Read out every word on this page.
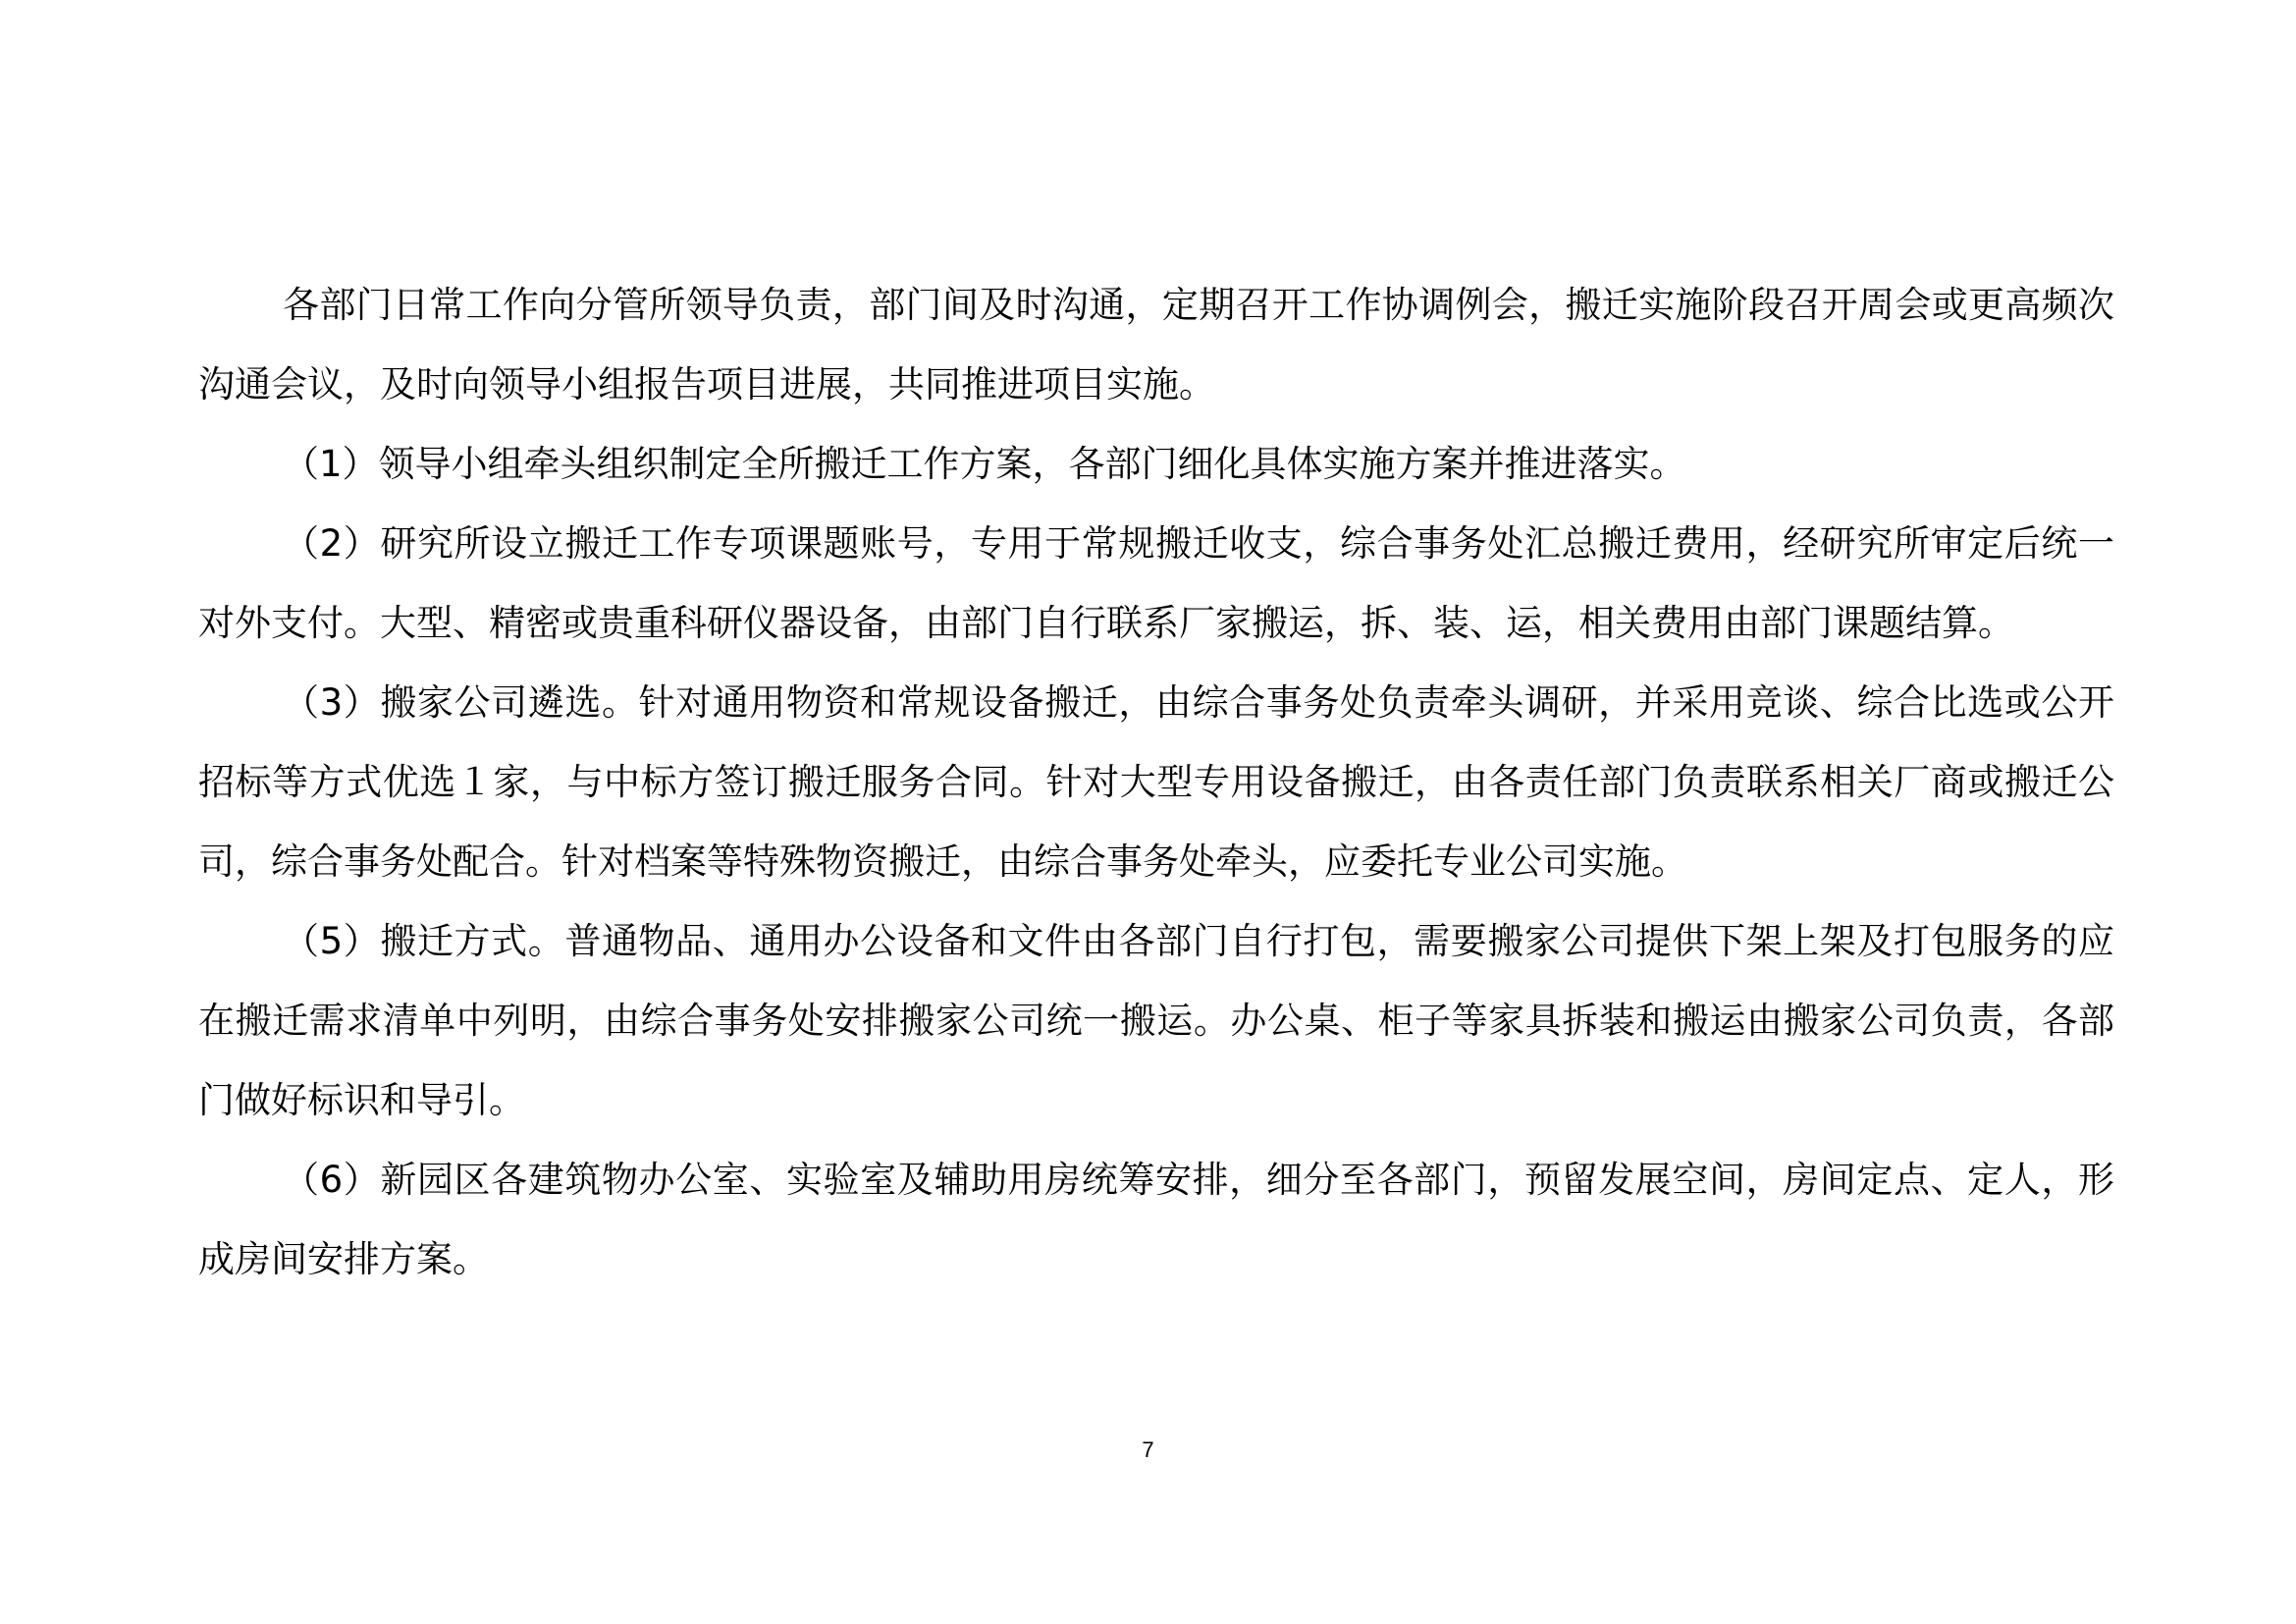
各部门日常工作向分管所领导负责，部门间及时沟通，定期召开工作协调例会，搬迁实施阶段召开周会或更高频次沟通会议，及时向领导小组报告项目进展，共同推进项目实施。

（1）领导小组牵头组织制定全所搬迁工作方案，各部门细化具体实施方案并推进落实。

（2）研究所设立搬迁工作专项课题账号，专用于常规搬迁收支，综合事务处汇总搬迁费用，经研究所审定后统一对外支付。大型、精密或贵重科研仪器设备，由部门自行联系厂家搬运，拆、装、运，相关费用由部门课题结算。

（3）搬家公司遴选。针对通用物资和常规设备搬迁，由综合事务处负责牵头调研，并采用竞谈、综合比选或公开招标等方式优选１家，与中标方签订搬迁服务合同。针对大型专用设备搬迁，由各责任部门负责联系相关厂商或搬迁公司，综合事务处配合。针对档案等特殊物资搬迁，由综合事务处牵头，应委托专业公司实施。

（5）搬迁方式。普通物品、通用办公设备和文件由各部门自行打包，需要搬家公司提供下架上架及打包服务的应在搬迁需求清单中列明，由综合事务处安排搬家公司统一搬运。办公桌、柜子等家具拆装和搬运由搬家公司负责，各部门做好标识和导引。

（6）新园区各建筑物办公室、实验室及辅助用房统筹安排，细分至各部门，预留发展空间，房间定点、定人，形成房间安排方案。

7
